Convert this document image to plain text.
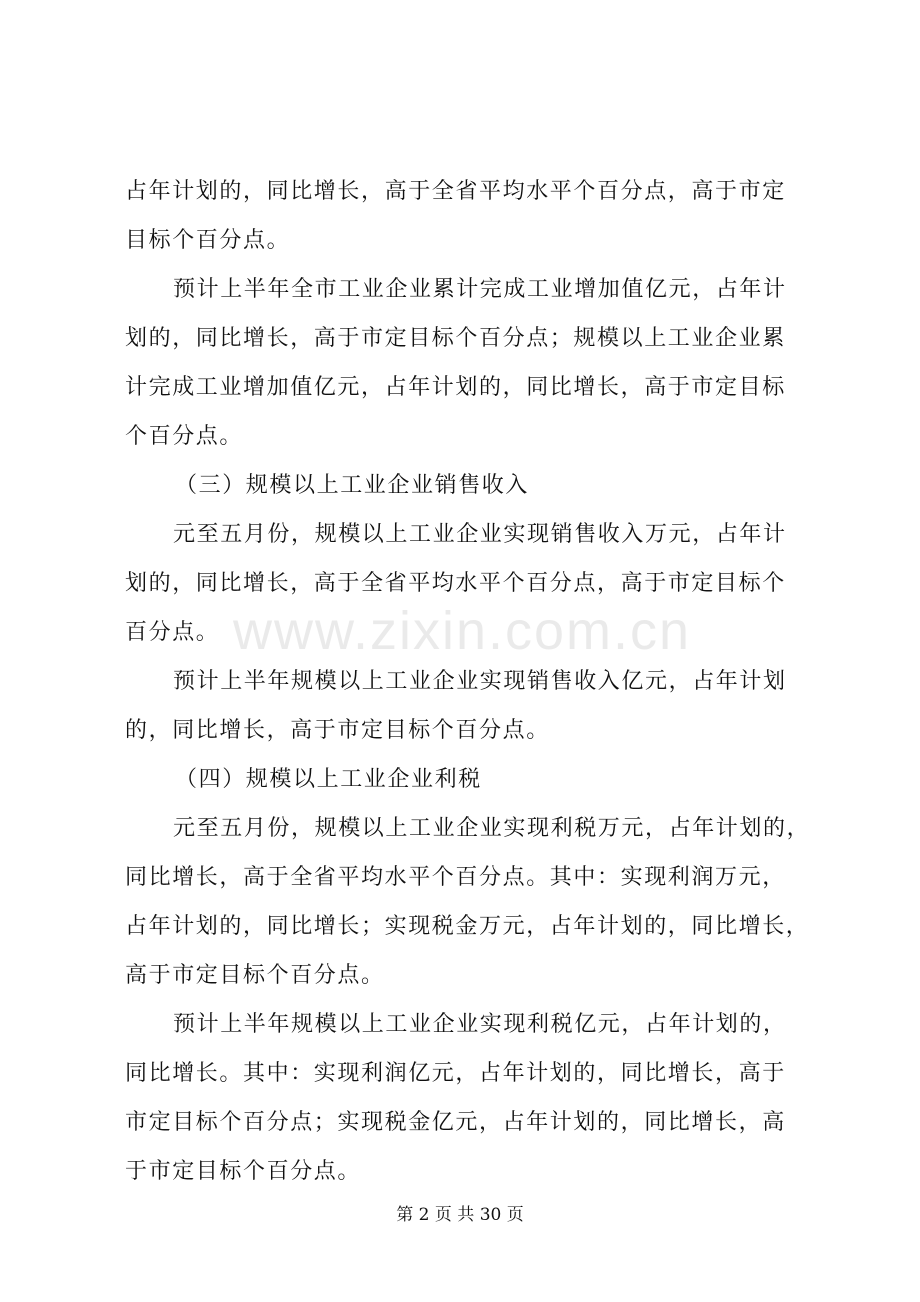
占年计划的，同比增长，高于全省平均水平个百分点，高于市定
目标个百分点。
预计上半年全市工业企业累计完成工业增加值亿元，占年计
划的，同比增长，高于市定目标个百分点；规模以上工业企业累
计完成工业增加值亿元，占年计划的，同比增长，高于市定目标
个百分点。
（三）规模以上工业企业销售收入
元至五月份，规模以上工业企业实现销售收入万元，占年计
划的，同比增长，高于全省平均水平个百分点，高于市定目标个
百分点。
预计上半年规模以上工业企业实现销售收入亿元，占年计划
的，同比增长，高于市定目标个百分点。
（四）规模以上工业企业利税
元至五月份，规模以上工业企业实现利税万元，占年计划的，
同比增长，高于全省平均水平个百分点。其中：实现利润万元，
占年计划的，同比增长；实现税金万元，占年计划的，同比增长，
高于市定目标个百分点。
预计上半年规模以上工业企业实现利税亿元，占年计划的，
同比增长。其中：实现利润亿元，占年计划的，同比增长，高于
市定目标个百分点；实现税金亿元，占年计划的，同比增长，高
于市定目标个百分点。
www.zixin.com.cn
第 2 页 共 30 页
